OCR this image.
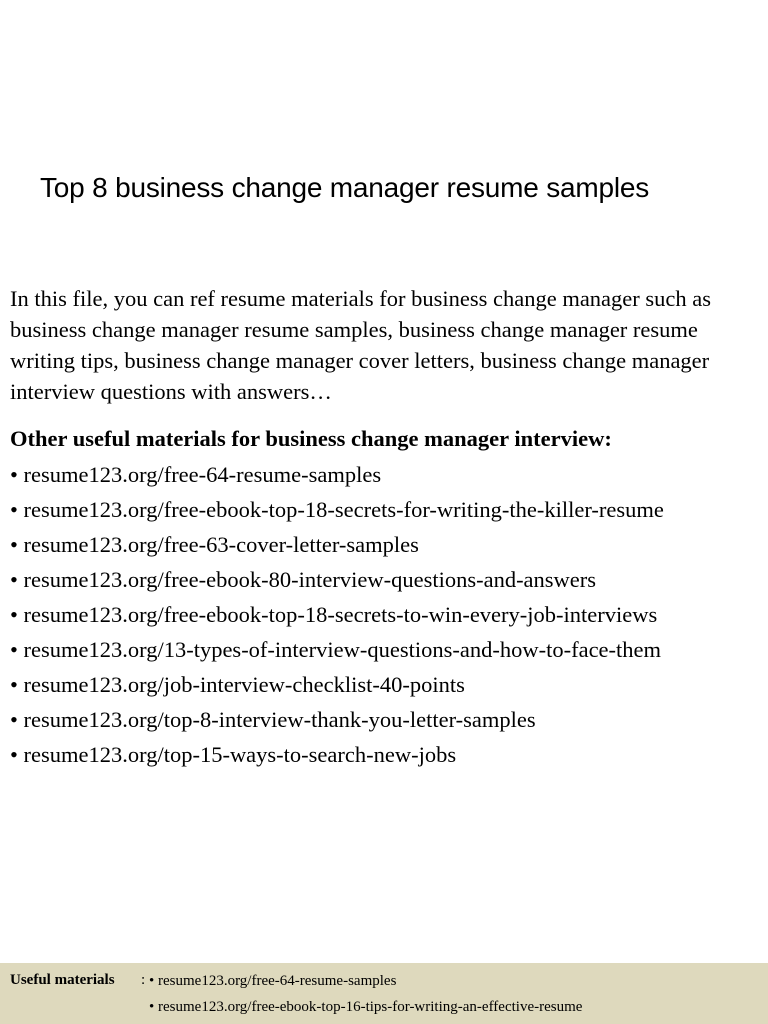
Top 8 business change manager resume samples
In this file, you can ref resume materials for business change manager such as business change manager resume samples, business change manager resume writing tips, business change manager cover letters, business change manager interview questions with answers…
Other useful materials for business change manager interview:
• resume123.org/free-64-resume-samples
• resume123.org/free-ebook-top-18-secrets-for-writing-the-killer-resume
• resume123.org/free-63-cover-letter-samples
• resume123.org/free-ebook-80-interview-questions-and-answers
• resume123.org/free-ebook-top-18-secrets-to-win-every-job-interviews
• resume123.org/13-types-of-interview-questions-and-how-to-face-them
• resume123.org/job-interview-checklist-40-points
• resume123.org/top-8-interview-thank-you-letter-samples
• resume123.org/top-15-ways-to-search-new-jobs
Useful materials : • resume123.org/free-64-resume-samples
• resume123.org/free-ebook-top-16-tips-for-writing-an-effective-resume
